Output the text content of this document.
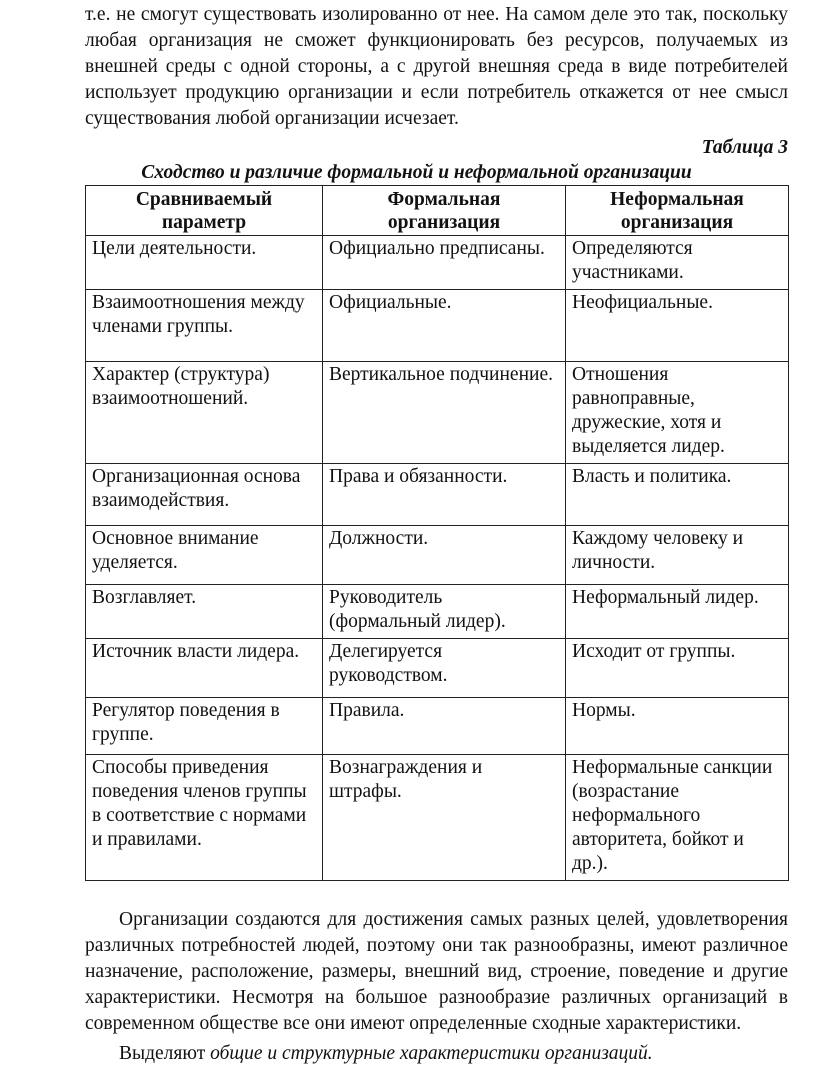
т.е. не смогут существовать изолированно от нее. На самом деле это так, поскольку любая организация не сможет функционировать без ресурсов, получаемых из внешней среды с одной стороны, а с другой внешняя среда в виде потребителей использует продукцию организации и если потребитель откажется от нее смысл существования любой организации исчезает.

Таблица 3

Сходство и различие формальной и неформальной организации

Сравниваемый параметр	Формальная организация	Неформальная организация
Цели деятельности.	Официально предписаны.	Определяются участниками.
Взаимоотношения между членами группы.	Официальные.	Неофициальные.
Характер (структура) взаимоотношений.	Вертикальное подчинение.	Отношения равноправные, дружеские, хотя и выделяется лидер.
Организационная основа взаимодействия.	Права и обязанности.	Власть и политика.
Основное внимание уделяется.	Должности.	Каждому человеку и личности.
Возглавляет.	Руководитель (формальный лидер).	Неформальный лидер.
Источник власти лидера.	Делегируется руководством.	Исходит от группы.
Регулятор поведения в группе.	Правила.	Нормы.
Способы приведения поведения членов группы в соответствие с нормами и правилами.	Вознаграждения и штрафы.	Неформальные санкции (возрастание неформального авторитета, бойкот и др.).

Организации создаются для достижения самых разных целей, удовлетворения различных потребностей людей, поэтому они так разнообразны, имеют различное назначение, расположение, размеры, внешний вид, строение, поведение и другие характеристики. Несмотря на большое разнообразие различных организаций в современном обществе все они имеют определенные сходные характеристики.

Выделяют общие и структурные характеристики организаций.
